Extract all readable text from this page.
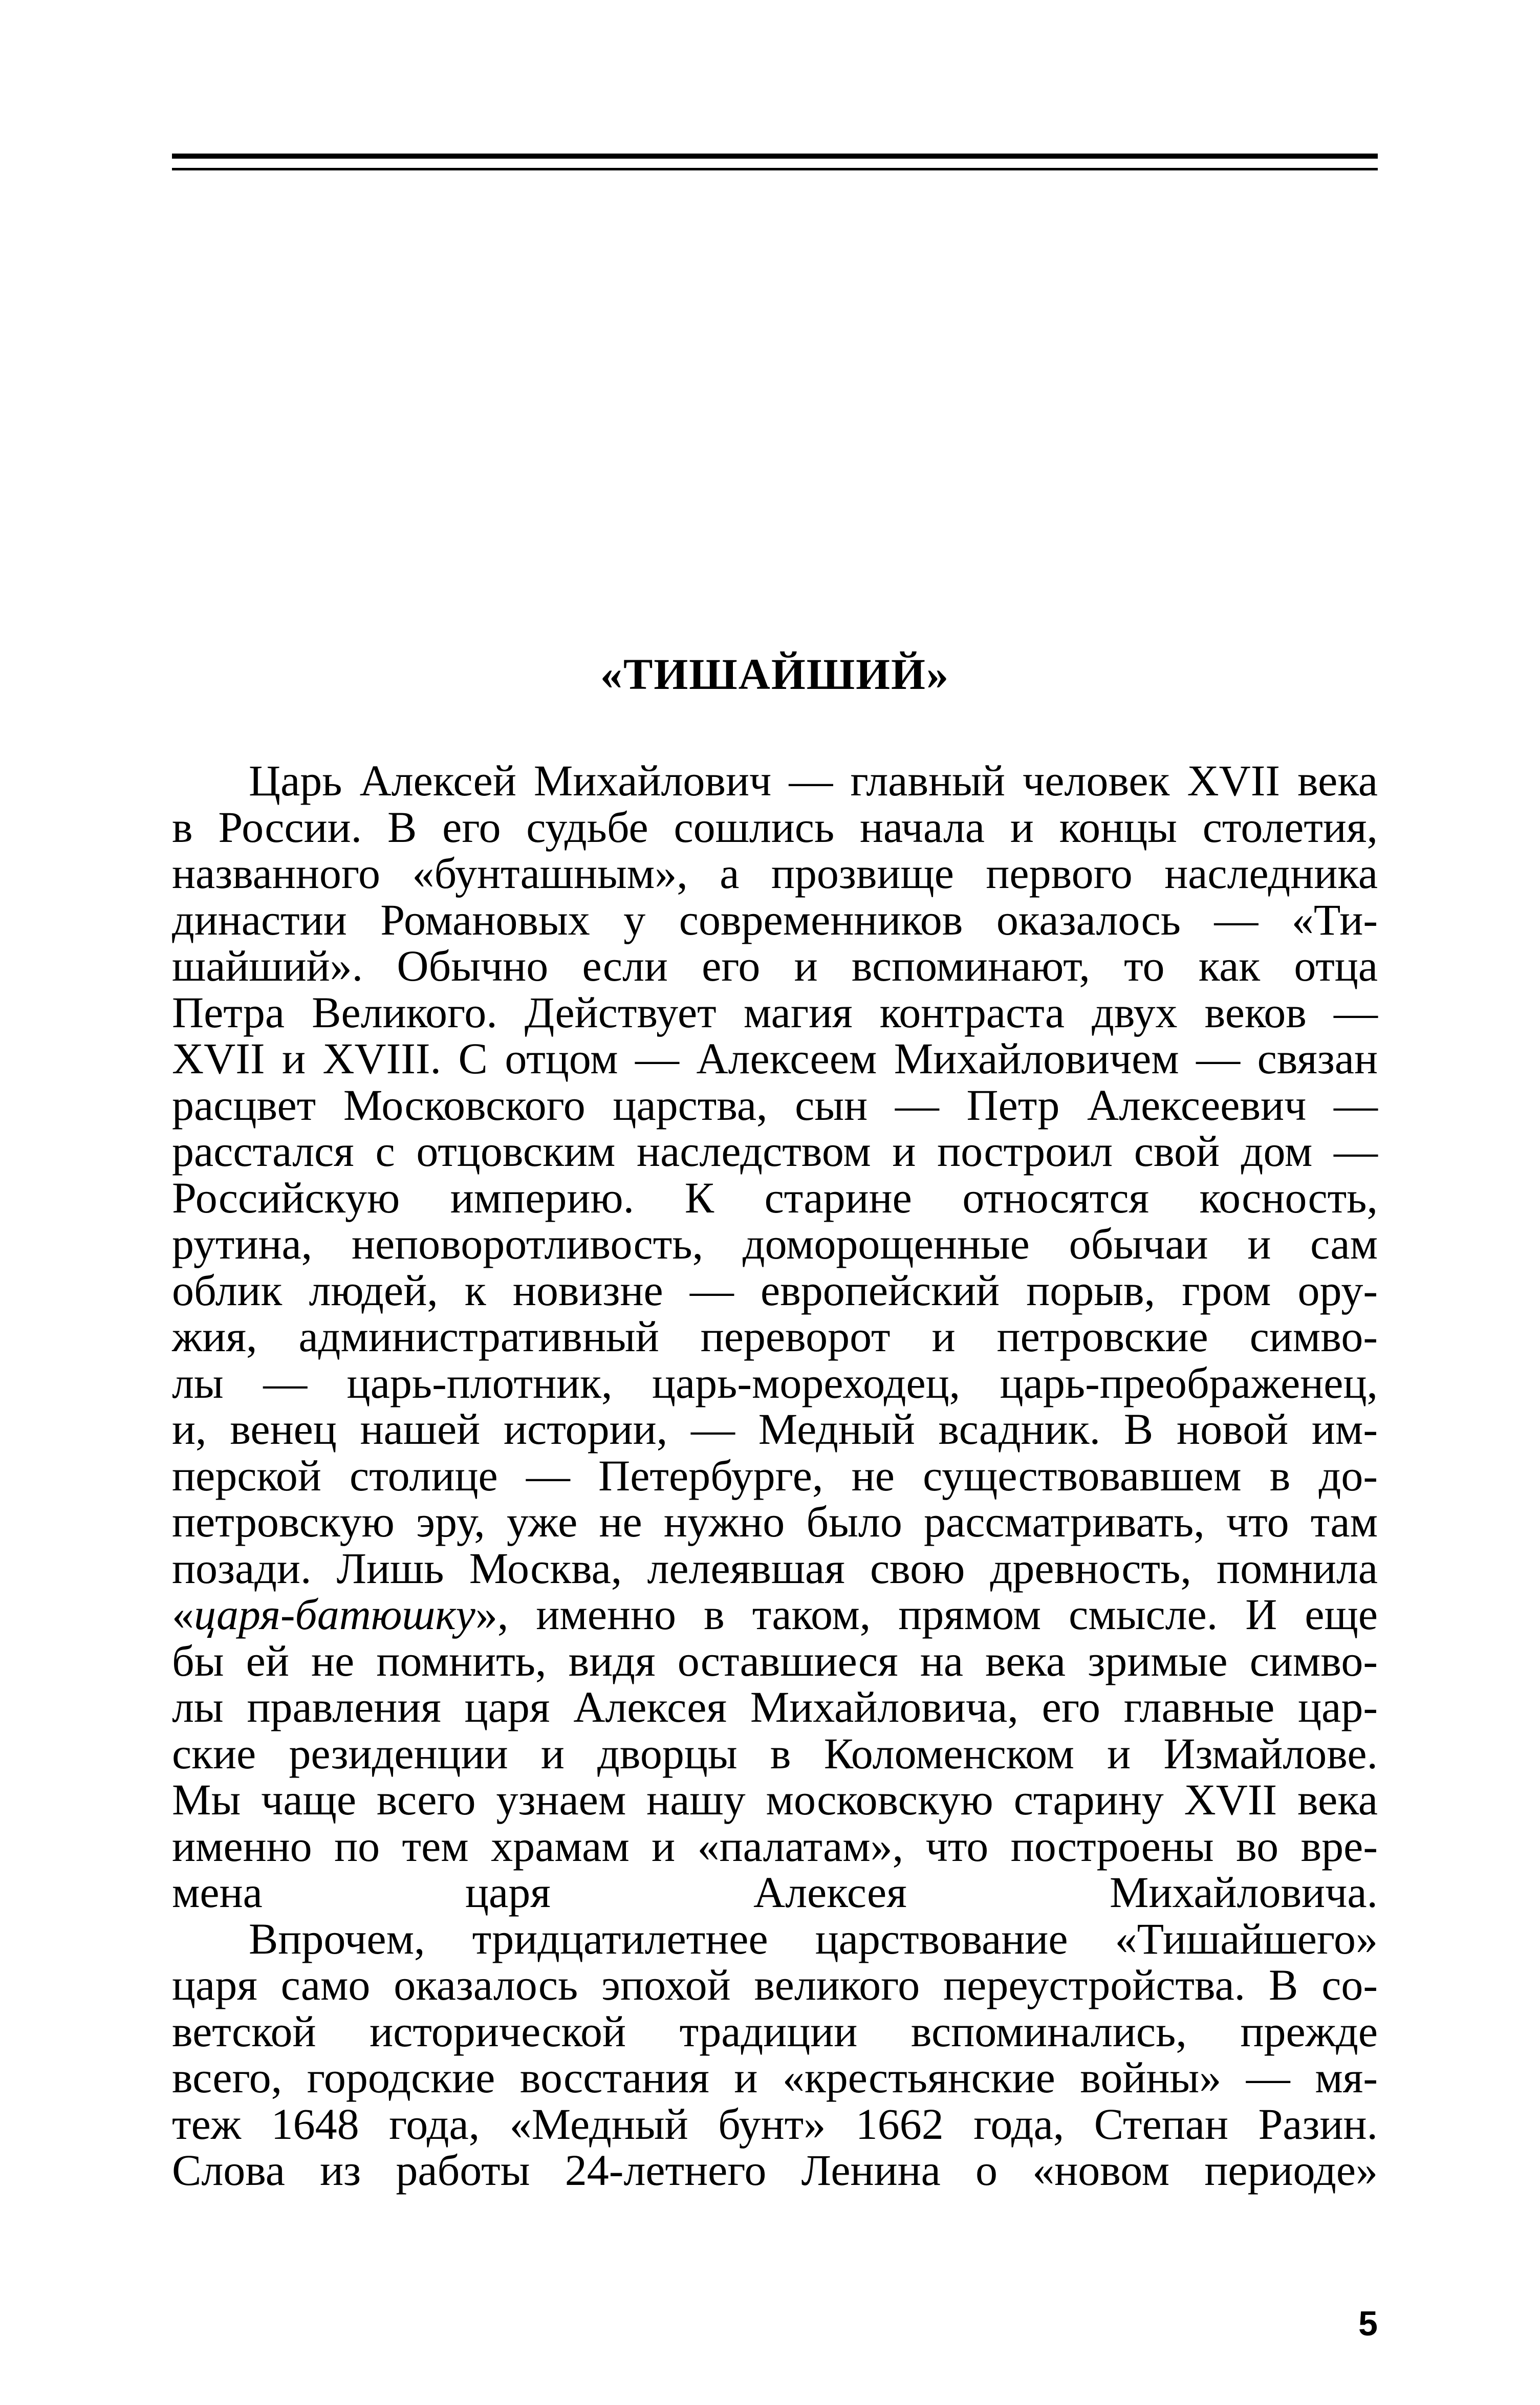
«ТИШАЙШИЙ»
Царь Алексей Михайлович — главный человек XVII века
в России. В его судьбе сошлись начала и концы столетия,
названного «бунташным», а прозвище первого наследника
династии Романовых у современников оказалось — «Ти-
шайший». Обычно если его и вспоминают, то как отца
Петра Великого. Действует магия контраста двух веков —
XVII и XVIII. С отцом — Алексеем Михайловичем — связан
расцвет Московского царства, сын — Петр Алексеевич —
расстался с отцовским наследством и построил свой дом —
Российскую империю. К старине относятся косность,
рутина, неповоротливость, доморощенные обычаи и сам
облик людей, к новизне — европейский порыв, гром ору-
жия, административный переворот и петровские симво-
лы — царь-плотник, царь-мореходец, царь-преображенец,
и, венец нашей истории, — Медный всадник. В новой им-
перской столице — Петербурге, не существовавшем в до-
петровскую эру, уже не нужно было рассматривать, что там
позади. Лишь Москва, лелеявшая свою древность, помнила
«царя-батюшку», именно в таком, прямом смысле. И еще
бы ей не помнить, видя оставшиеся на века зримые симво-
лы правления царя Алексея Михайловича, его главные цар-
ские резиденции и дворцы в Коломенском и Измайлове.
Мы чаще всего узнаем нашу московскую старину XVII века
именно по тем храмам и «палатам», что построены во вре-
мена царя Алексея Михайловича.
Впрочем, тридцатилетнее царствование «Тишайшего»
царя само оказалось эпохой великого переустройства. В со-
ветской исторической традиции вспоминались, прежде
всего, городские восстания и «крестьянские войны» — мя-
теж 1648 года, «Медный бунт» 1662 года, Степан Разин.
Слова из работы 24-летнего Ленина о «новом периоде»
5
